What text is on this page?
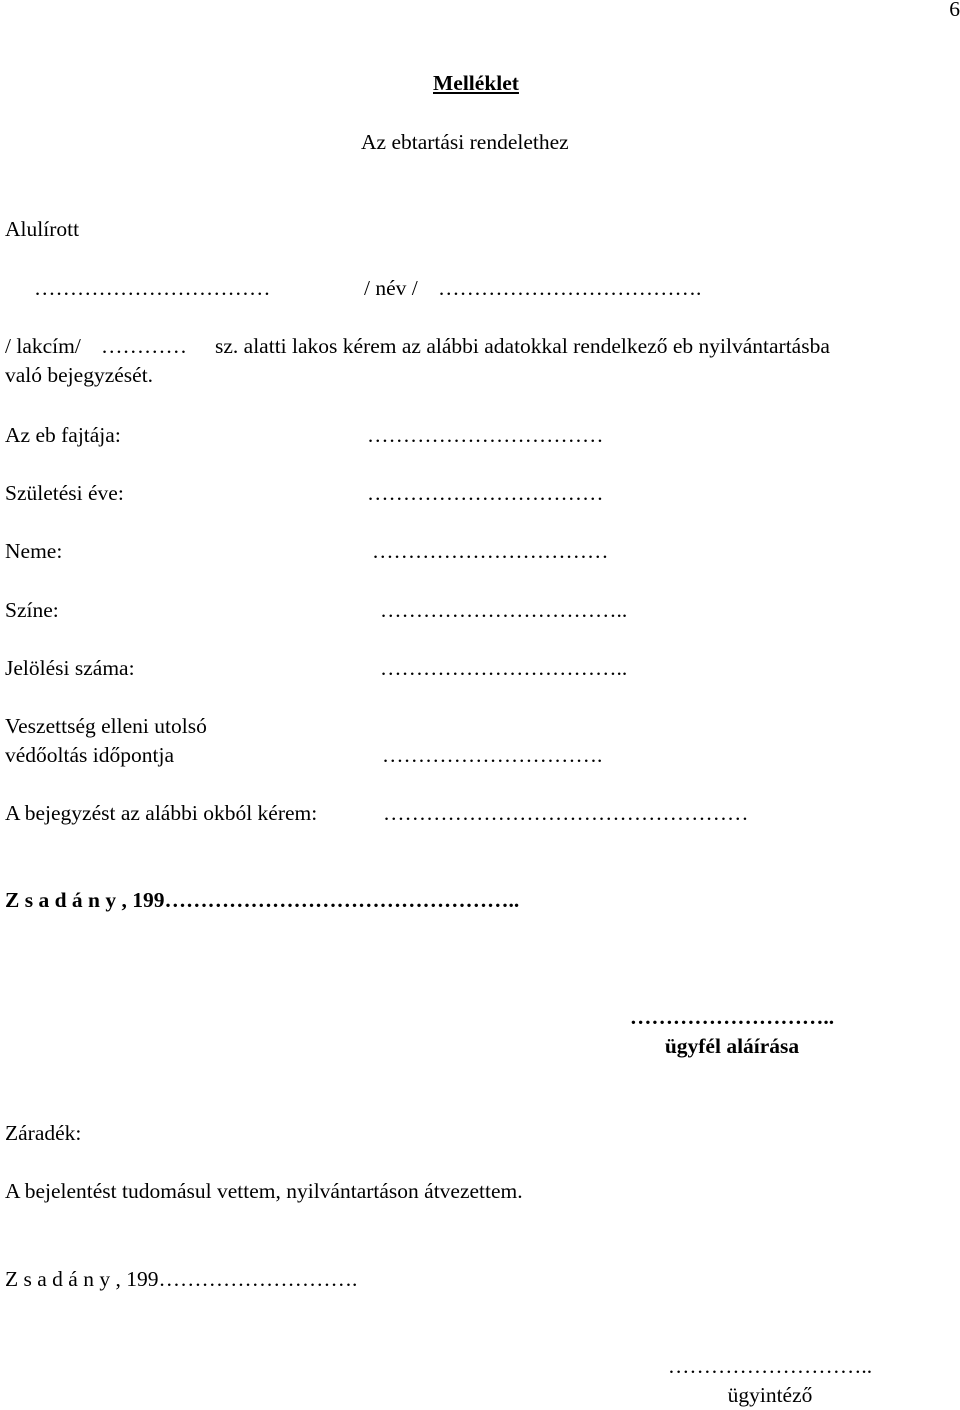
6
Melléklet
Az ebtartási rendelethez
Alulírott
……………………………	/ név / ……………………………….
/ lakcím/ ………… sz. alatti lakos kérem az alábbi adatokkal rendelkező eb nyilvántartásba
való bejegyzését.
Az eb fajtája:	……………………………
Születési éve:	……………………………
Neme:	……………………………
Színe:	……………………………..
Jelölési száma:	……………………………..
Veszettség elleni utolsó
védőoltás időpontja	………………………….
A bejegyzést az alábbi okból kérem:	……………………………………………
Z s a d á n y , 199…………………………………………..
………………………..
ügyfél aláírása
Záradék:
A bejelentést tudomásul vettem, nyilvántartáson átvezettem.
Z s a d á n y , 199……………………….
………………………..
ügyintéző
